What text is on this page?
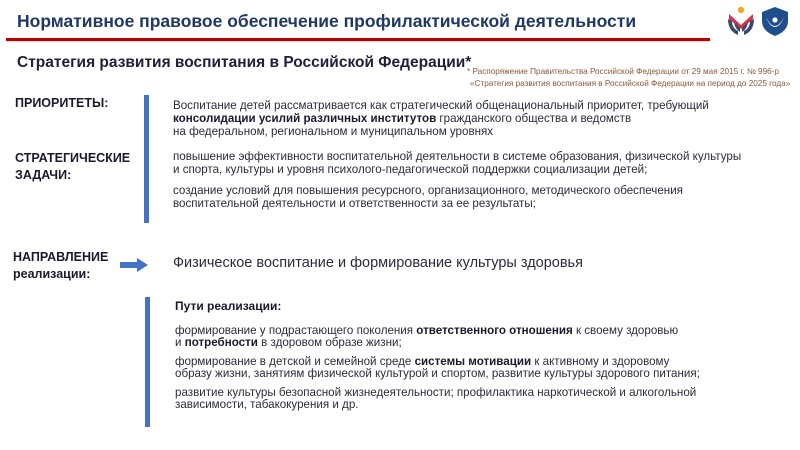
Нормативное правовое обеспечение профилактической деятельности
Стратегия развития воспитания в Российской Федерации*
* Распоряжение Правительства Российской Федерации от 29 мая 2015 г. № 996-р
«Стратегия развития воспитания в Российской Федерации на период до 2025 года»
ПРИОРИТЕТЫ:	Воспитание детей рассматривается как стратегический общенациональный приоритет, требующий
консолидации усилий различных институтов гражданского общества и ведомств
на федеральном, региональном и муниципальном уровнях
СТРАТЕГИЧЕСКИЕ
ЗАДАЧИ:
повышение эффективности воспитательной деятельности в системе образования, физической культуры
и спорта, культуры и уровня психолого-педагогической поддержки социализации детей;
создание условий для повышения ресурсного, организационного, методического обеспечения
воспитательной деятельности и ответственности за ее результаты;
НАПРАВЛЕНИЕ
реализации:
Физическое воспитание и формирование культуры здоровья
Пути реализации:
формирование у подрастающего поколения ответственного отношения к своему здоровью
и потребности в здоровом образе жизни;
формирование в детской и семейной среде системы мотивации к активному и здоровому
образу жизни, занятиям физической культурой и спортом, развитие культуры здорового питания;
развитие культуры безопасной жизнедеятельности; профилактика наркотической и алкогольной
зависимости, табакокурения и др.
